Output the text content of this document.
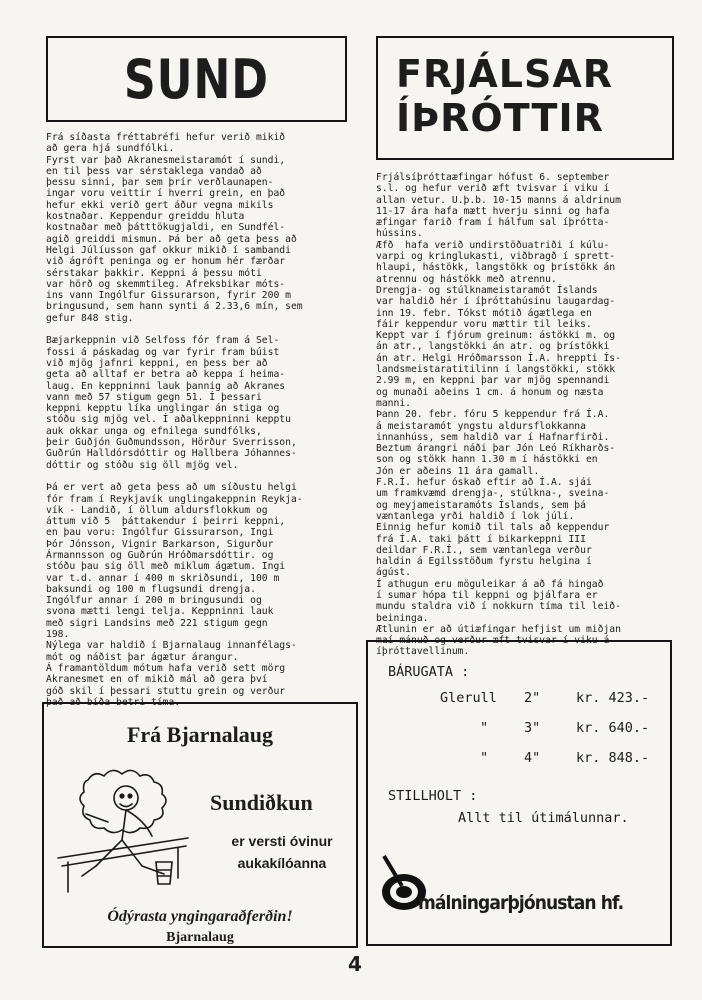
SUND	FRJÁLSAR
ÍÞRÓTTIR
Frá síðasta fréttabréfi hefur verið mikið
að gera hjá sundfólki.
Fyrst var það Akranesmeistaramót í sundi,
en til þess var sérstaklega vandað að
þessu sinni, þar sem þrír verðlaunapen-
ingar voru veittir í hverri grein, en það
hefur ekki verið gert áður vegna mikils
kostnaðar. Keppendur greiddu hluta
kostnaðar með þátttökugjaldi, en Sundfél-
agið greiddi mismun. Þá ber að geta þess að
Helgi Júlíusson gaf okkur mikið í sambandi
við ágróft peninga og er honum hér færðar
sérstakar þakkir. Keppni á þessu móti
var hörð og skemmtileg. Afreksbikar móts-
ins vann Ingólfur Gissurarson, fyrir 200 m
bringusund, sem hann synti á 2.33,6 mín, sem
gefur 848 stig.
Bæjarkeppnin við Selfoss fór fram á Sel-
fossi á páskadag og var fyrir fram búist
við mjög jafnri keppni, en þess ber að
geta að alltaf er betra að keppa í heima-
laug. En keppninni lauk þannig að Akranes
vann með 57 stigum gegn 51. Í þessari
keppni kepptu líka unglingar án stiga og
stóðu sig mjög vel. Í aðalkeppninni kepptu
auk okkar unga og efnilega sundfólks,
þeir Guðjón Guðmundsson, Hörður Sverrisson,
Guðrún Halldórsdóttir og Hallbera Jóhannes-
dóttir og stóðu sig öll mjög vel.
Þá er vert að geta þess að um síðustu helgi
fór fram í Reykjavík unglingakeppnin Reykja-
vík - Landið, í öllum aldursflokkum og
áttum við 5  þáttakendur í þeirri keppni,
en þau voru: Ingólfur Gissurarson, Ingi
Þór Jónsson, Vignir Barkarson, Sigurður
Ármannsson og Guðrún Hróðmarsdóttir. og
stóðu þau sig öll með miklum ágætum. Ingi
var t.d. annar í 400 m skriðsundi, 100 m
baksundi og 100 m flugsundi drengja.
Ingólfur annar í 200 m bringusundi og
svona mætti lengi telja. Keppninni lauk
með sigri Landsins með 221 stigum gegn
198.
Nýlega var haldið í Bjarnalaug innanfélags-
mót og náðist þar ágætur árangur.
Á framantöldum mótum hafa verið sett mörg
Akranesmet en of mikið mál að gera því
góð skil í þessari stuttu grein og verður
það að bíða betri tíma.
Frjálsíþróttaæfingar hófust 6. september
s.l. og hefur verið æft tvisvar í viku í
allan vetur. U.þ.b. 10-15 manns á aldrinum
11-17 ára hafa mætt hverju sinni og hafa
æfingar farið fram í hálfum sal íþrótta-
hússins.
Æfð  hafa verið undirstöðuatriði í kúlu-
varpi og kringlukasti, viðbragð í sprett-
hlaupi, hástökk, langstökk og þrístökk án
atrennu og hástökk með atrennu.
Drengja- og stúlknameistaramót Íslands
var haldið hér í íþróttahúsinu laugardag-
inn 19. febr. Tókst mótið ágætlega en
fáir keppendur voru mættir til leiks.
Keppt var í fjórum greinum: ástökki m. og
án atr., langstökki án atr. og þrístökki
án atr. Helgi Hróðmarsson Í.A. hreppti Ís-
landsmeistaratitilinn í langstökki, stökk
2.99 m, en keppni þar var mjög spennandi
og munaði aðeins 1 cm. á honum og næsta
manni.
Þann 20. febr. fóru 5 keppendur frá Í.A.
á meistaramót yngstu aldursflokkanna
innanhúss, sem haldið var í Hafnarfirði.
Beztum árangri náði þar Jón Leó Ríkharðs-
son og stökk hann 1.30 m í hástökki en
Jón er aðeins 11 ára gamall.
F.R.Í. hefur óskað eftir að Í.A. sjái
um framkvæmd drengja-, stúlkna-, sveina-
og meyjameistaramóts Íslands, sem þá
væntanlega yrði haldið í lok júlí.
Einnig hefur komið til tals að keppendur
frá Í.A. taki þátt í bikarkeppni III
deildar F.R.Í., sem væntanlega verður
haldin á Egilsstöðum fyrstu helgina í
ágúst.
Í athugun eru möguleikar á að fá hingað
í sumar hópa til keppni og þjálfara er
mundu staldra við í nokkurn tíma til leið-
beininga.
Ætlunin er að útiæfingar hefjist um miðjan
maí mánuð og verður æft tvisvar í viku á
íþróttavellinum.
Frá Bjarnalaug
Sundiðkun
er versti óvinur
aukakílóanna
Ódýrasta yngingaraðferðin!
Bjarnalaug
BÁRUGATA :
Glerull 2"	kr. 423.-
"	3"	kr. 640.-
"	4"	kr. 848.-
STILLHOLT :
Allt til útimálunnar.
málningarþjónustan hf.
4
